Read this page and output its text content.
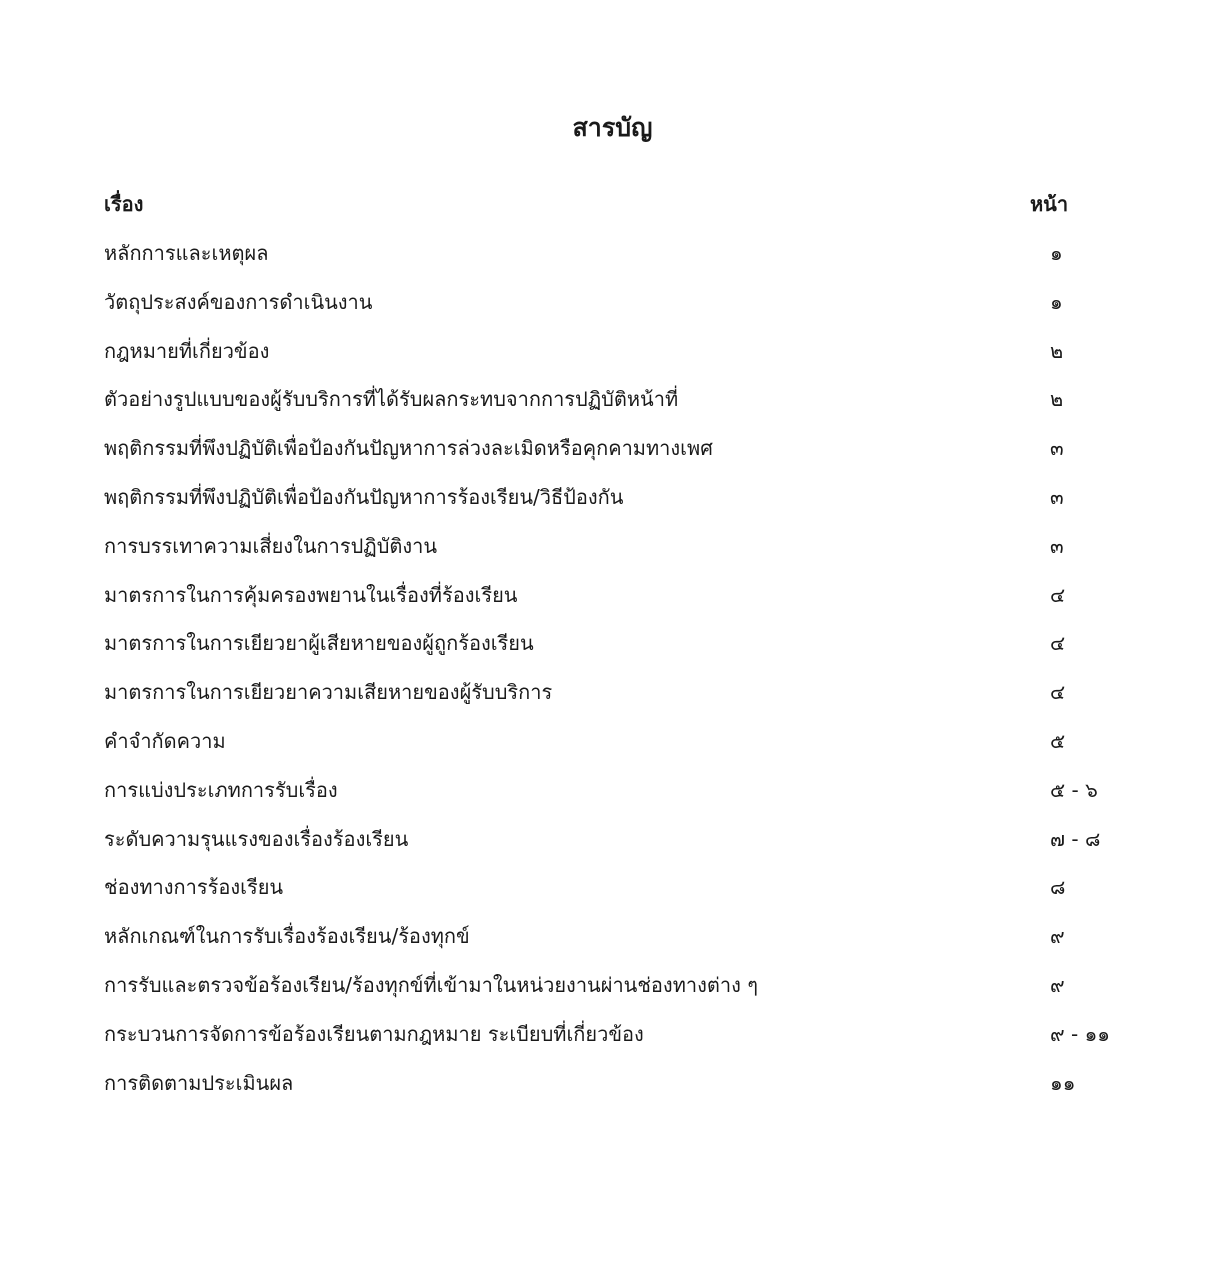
สารบัญ
เรื่อง	หน้า
หลักการและเหตุผล	๑
วัตถุประสงค์ของการดำเนินงาน	๑
กฎหมายที่เกี่ยวข้อง	๒
ตัวอย่างรูปแบบของผู้รับบริการที่ได้รับผลกระทบจากการปฏิบัติหน้าที่	๒
พฤติกรรมที่พึงปฏิบัติเพื่อป้องกันปัญหาการล่วงละเมิดหรือคุกคามทางเพศ	๓
พฤติกรรมที่พึงปฏิบัติเพื่อป้องกันปัญหาการร้องเรียน/วิธีป้องกัน	๓
การบรรเทาความเสี่ยงในการปฏิบัติงาน	๓
มาตรการในการคุ้มครองพยานในเรื่องที่ร้องเรียน	๔
มาตรการในการเยียวยาผู้เสียหายของผู้ถูกร้องเรียน	๔
มาตรการในการเยียวยาความเสียหายของผู้รับบริการ	๔
คำจำกัดความ	๕
การแบ่งประเภทการรับเรื่อง	๕ - ๖
ระดับความรุนแรงของเรื่องร้องเรียน	๗ - ๘
ช่องทางการร้องเรียน	๘
หลักเกณฑ์ในการรับเรื่องร้องเรียน/ร้องทุกข์	๙
การรับและตรวจข้อร้องเรียน/ร้องทุกข์ที่เข้ามาในหน่วยงานผ่านช่องทางต่าง ๆ	๙
กระบวนการจัดการข้อร้องเรียนตามกฎหมาย ระเบียบที่เกี่ยวข้อง	๙ - ๑๑
การติดตามประเมินผล	๑๑
